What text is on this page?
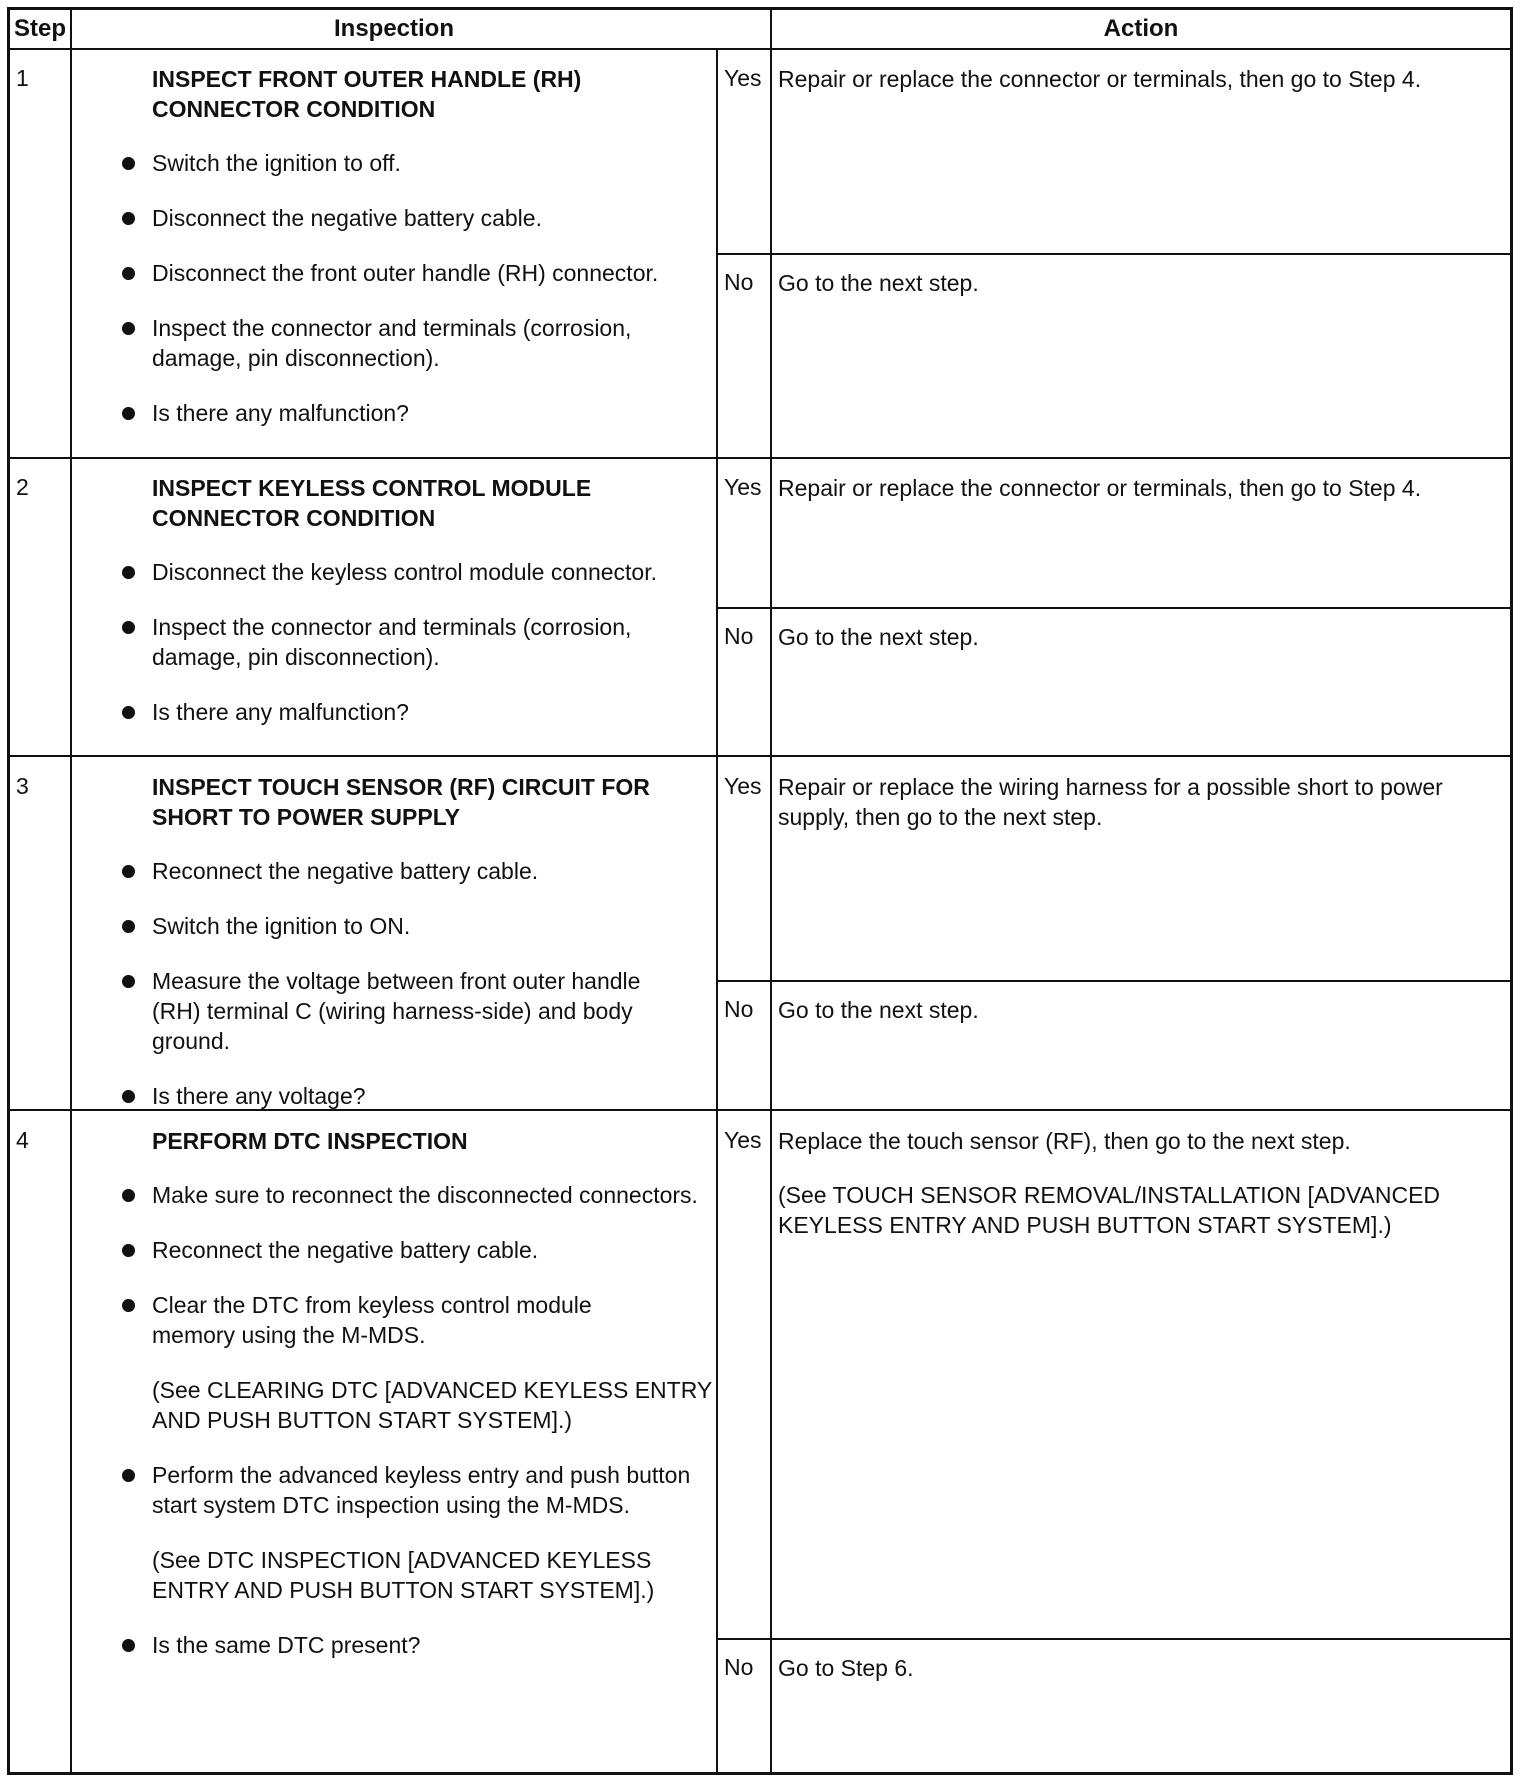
Step	Inspection	Action
1	INSPECT FRONT OUTER HANDLE (RH) CONNECTOR CONDITION

Switch the ignition to off.

Disconnect the negative battery cable.

Disconnect the front outer handle (RH) connector.

Inspect the connector and terminals (corrosion, damage, pin disconnection).

Is there any malfunction?

Yes Repair or replace the connector or terminals, then go to Step 4.

No Go to the next step.
2	INSPECT KEYLESS CONTROL MODULE CONNECTOR CONDITION

Disconnect the keyless control module connector.

Inspect the connector and terminals (corrosion, damage, pin disconnection).

Is there any malfunction?

Yes Repair or replace the connector or terminals, then go to Step 4.

No Go to the next step.
3	INSPECT TOUCH SENSOR (RF) CIRCUIT FOR SHORT TO POWER SUPPLY

Reconnect the negative battery cable.

Switch the ignition to ON.

Measure the voltage between front outer handle (RH) terminal C (wiring harness-side) and body ground.

Is there any voltage?

Yes Repair or replace the wiring harness for a possible short to power supply, then go to the next step.

No Go to the next step.
4	PERFORM DTC INSPECTION

Make sure to reconnect the disconnected connectors.

Reconnect the negative battery cable.

Clear the DTC from keyless control module memory using the M-MDS.

(See CLEARING DTC [ADVANCED KEYLESS ENTRY AND PUSH BUTTON START SYSTEM].)

Perform the advanced keyless entry and push button start system DTC inspection using the M-MDS.

(See DTC INSPECTION [ADVANCED KEYLESS ENTRY AND PUSH BUTTON START SYSTEM].)

Is the same DTC present?

Yes Replace the touch sensor (RF), then go to the next step.

(See TOUCH SENSOR REMOVAL/INSTALLATION [ADVANCED KEYLESS ENTRY AND PUSH BUTTON START SYSTEM].)

No Go to Step 6.
